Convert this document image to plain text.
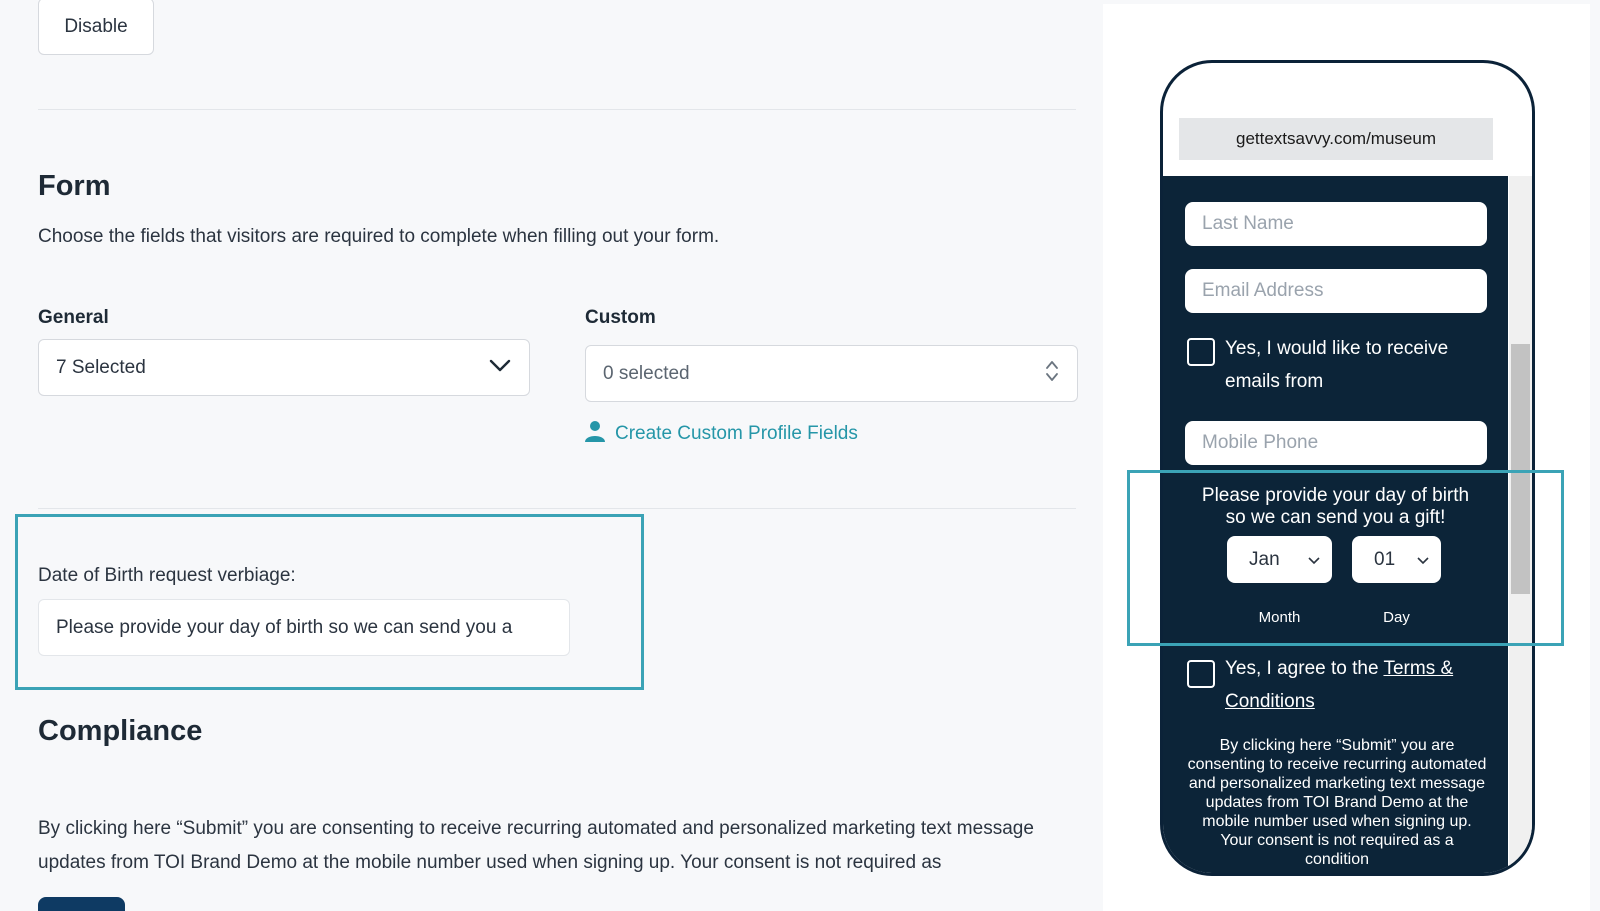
Disable
Form
Choose the fields that visitors are required to complete when filling out your form.
General
7 Selected
Custom
0 selected
Create Custom Profile Fields
Date of Birth request verbiage:
Please provide your day of birth so we can send you a
Compliance
By clicking here “Submit” you are consenting to receive recurring automated and personalized marketing text message updates from TOI Brand Demo at the mobile number used when signing up. Your consent is not required as
gettextsavvy.com/museum
Last Name
Email Address
Yes, I would like to receive emails from
Mobile Phone
Please provide your day of birth so we can send you a gift!
Jan	01
Month	Day
Yes, I agree to the Terms & Conditions
By clicking here “Submit” you are consenting to receive recurring automated and personalized marketing text message updates from TOI Brand Demo at the mobile number used when signing up. Your consent is not required as a condition
